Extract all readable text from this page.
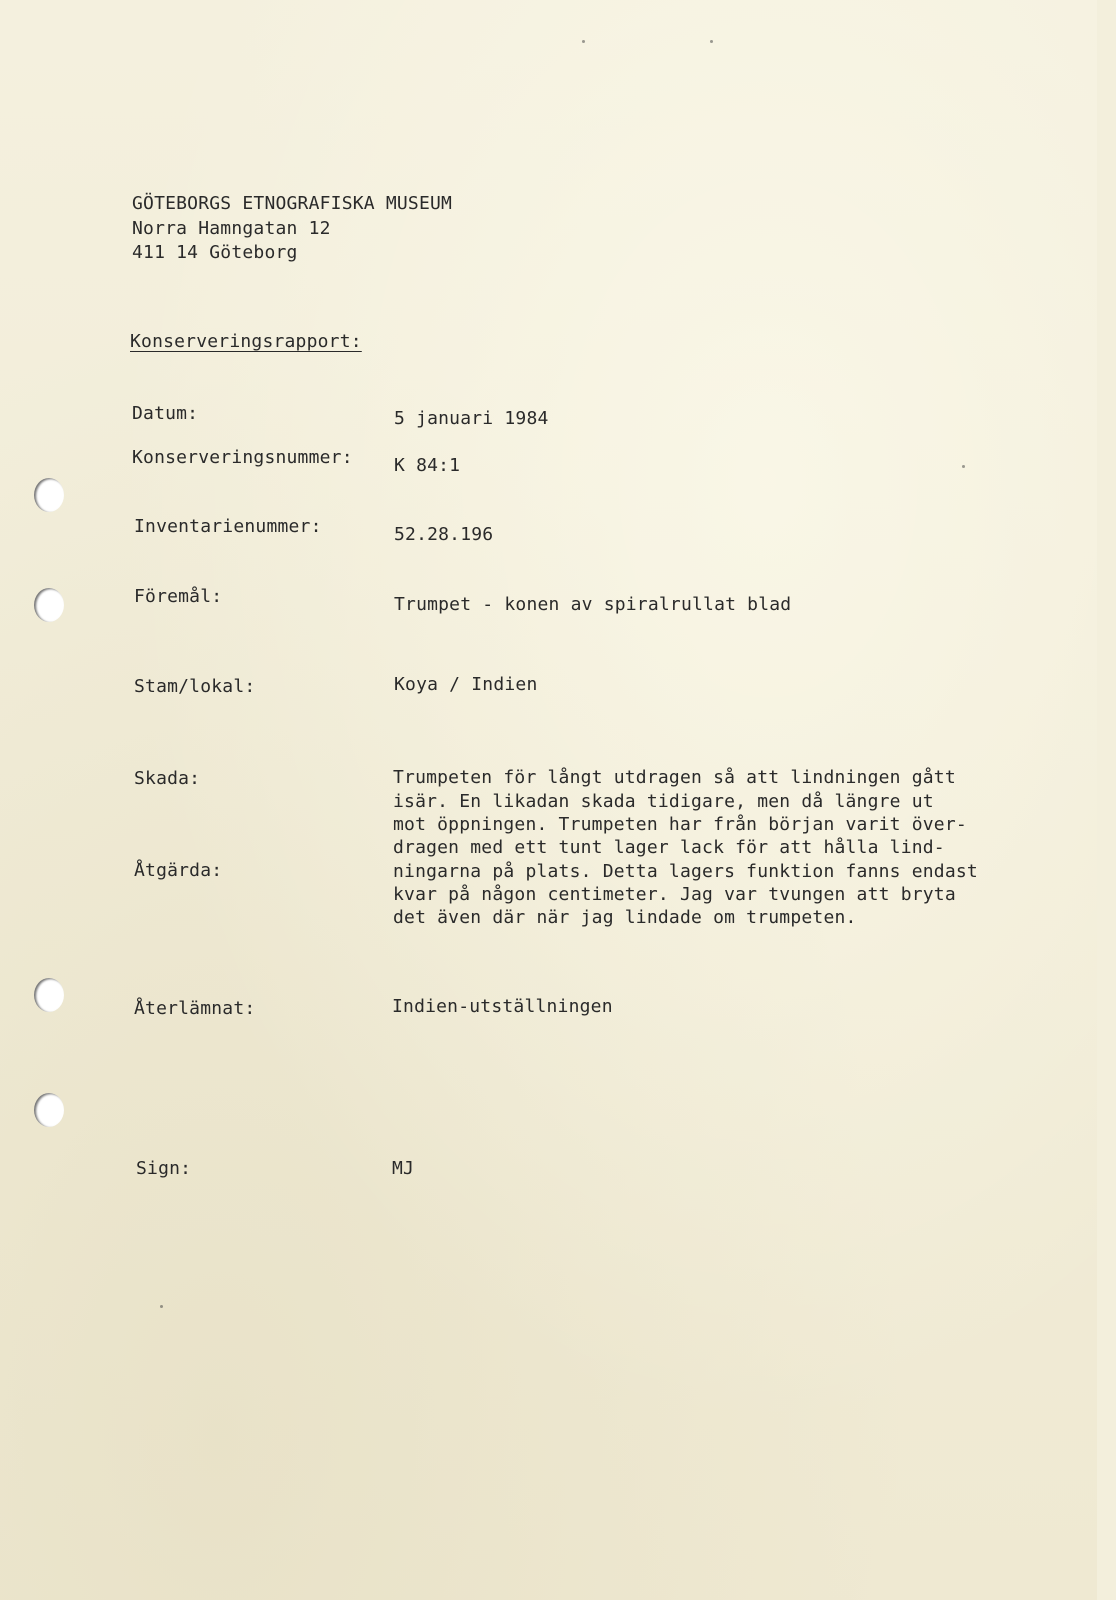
GÖTEBORGS ETNOGRAFISKA MUSEUM
Norra Hamngatan 12
411 14 Göteborg
Konserveringsrapport:
Datum:
Konserveringsnummer:
Inventarienummer:
Föremål:
Stam/lokal:
Skada:
Åtgärda:
Återlämnat:
Sign:
5 januari 1984
K 84:1
52.28.196
Trumpet - konen av spiralrullat blad
Koya / Indien
Trumpeten för långt utdragen så att lindningen gått
isär. En likadan skada tidigare, men då längre ut
mot öppningen. Trumpeten har från början varit över-
dragen med ett tunt lager lack för att hålla lind-
ningarna på plats. Detta lagers funktion fanns endast
kvar på någon centimeter. Jag var tvungen att bryta
det även där när jag lindade om trumpeten.
Indien-utställningen
MJ
